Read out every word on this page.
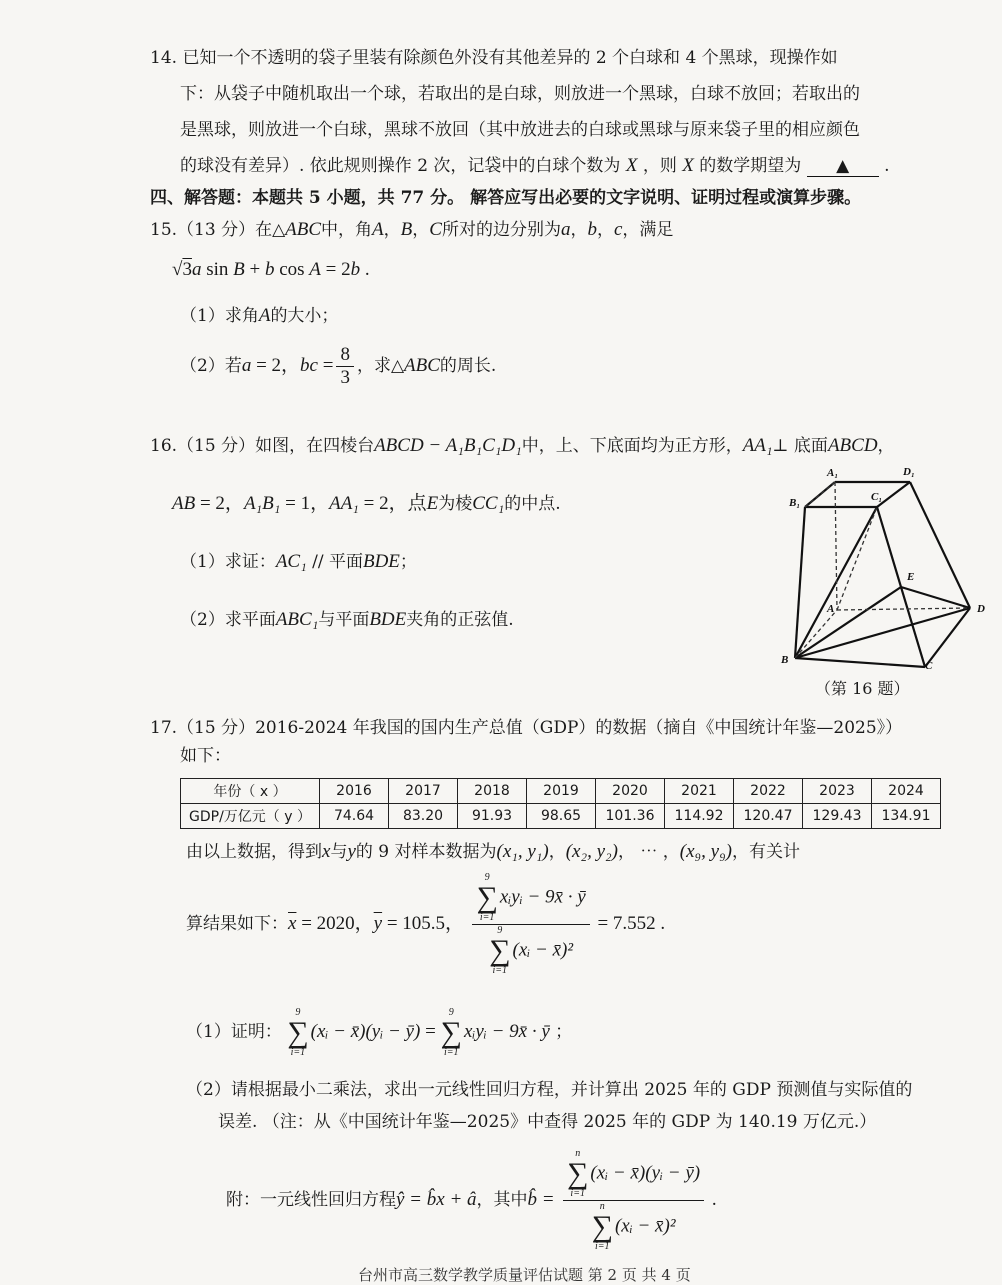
14. 已知一个不透明的袋子里装有除颜色外没有其他差异的 2 个白球和 4 个黑球，现操作如
下：从袋子中随机取出一个球，若取出的是白球，则放进一个黑球，白球不放回；若取出的
是黑球，则放进一个白球，黑球不放回（其中放进去的白球或黑球与原来袋子里的相应颜色
的球没有差异）. 依此规则操作 2 次，记袋中的白球个数为 X ，则 X 的数学期望为 ▲ .
四、解答题：本题共 5 小题，共 77 分。 解答应写出必要的文字说明、证明过程或演算步骤。
15.（13 分）在△ABC中，角A，B，C所对的边分别为a，b，c，满足
√3a sin B + b cos A = 2b .
（1）求角A的大小；
（2）若a = 2，bc = $\frac{8}{3}$ ，求△ABC的周长.
16.（15 分）如图，在四棱台ABCD − A₁B₁C₁D₁中，上、下底面均为正方形，AA₁⊥ 底面ABCD，
AB = 2，A₁B₁ = 1，AA₁ = 2，点E为棱CC₁的中点.
（1）求证：AC₁ // 平面BDE；
（2）求平面ABC₁与平面BDE夹角的正弦值.
A₁	D₁
B₁	C₁
E
A	D
B	C
（第 16 题）
17.（15 分）2016-2024 年我国的国内生产总值（GDP）的数据（摘自《中国统计年鉴—2025》）
如下：
年份（ x ）	2016	2017	2018	2019	2020	2021	2022	2023	2024
GDP/万亿元（ y ）	74.64	83.20	91.93	98.65	101.36	114.92	120.47	129.43	134.91
由以上数据，得到x与y的 9 对样本数据为(x₁, y₁)，(x₂, y₂)， ⋯ ，(x₉, y₉)，有关计
算结果如下：$\overline{x} = 2020$，$\overline{y} = 105.5$， 9
∑
i=1
xᵢyᵢ − 9x̄ · ȳ
9
∑
i=1
(xᵢ − x̄)² = 7.552 .
（1）证明：
9
∑
i=1
(xᵢ − x̄)(yᵢ − ȳ) =
9
∑
i=1
xᵢyᵢ − 9x̄ · ȳ ；
（2）请根据最小二乘法，求出一元线性回归方程，并计算出 2025 年的 GDP 预测值与实际值的
误差. （注：从《中国统计年鉴—2025》中查得 2025 年的 GDP 为 140.19 万亿元.）
附：一元线性回归方程ŷ = b̂x + â，其中b̂ = n
∑
i=1
(xᵢ − x̄)(yᵢ − ȳ)
n
∑
i=1
(xᵢ − x̄)² .
台州市高三数学教学质量评估试题 第 2 页 共 4 页
